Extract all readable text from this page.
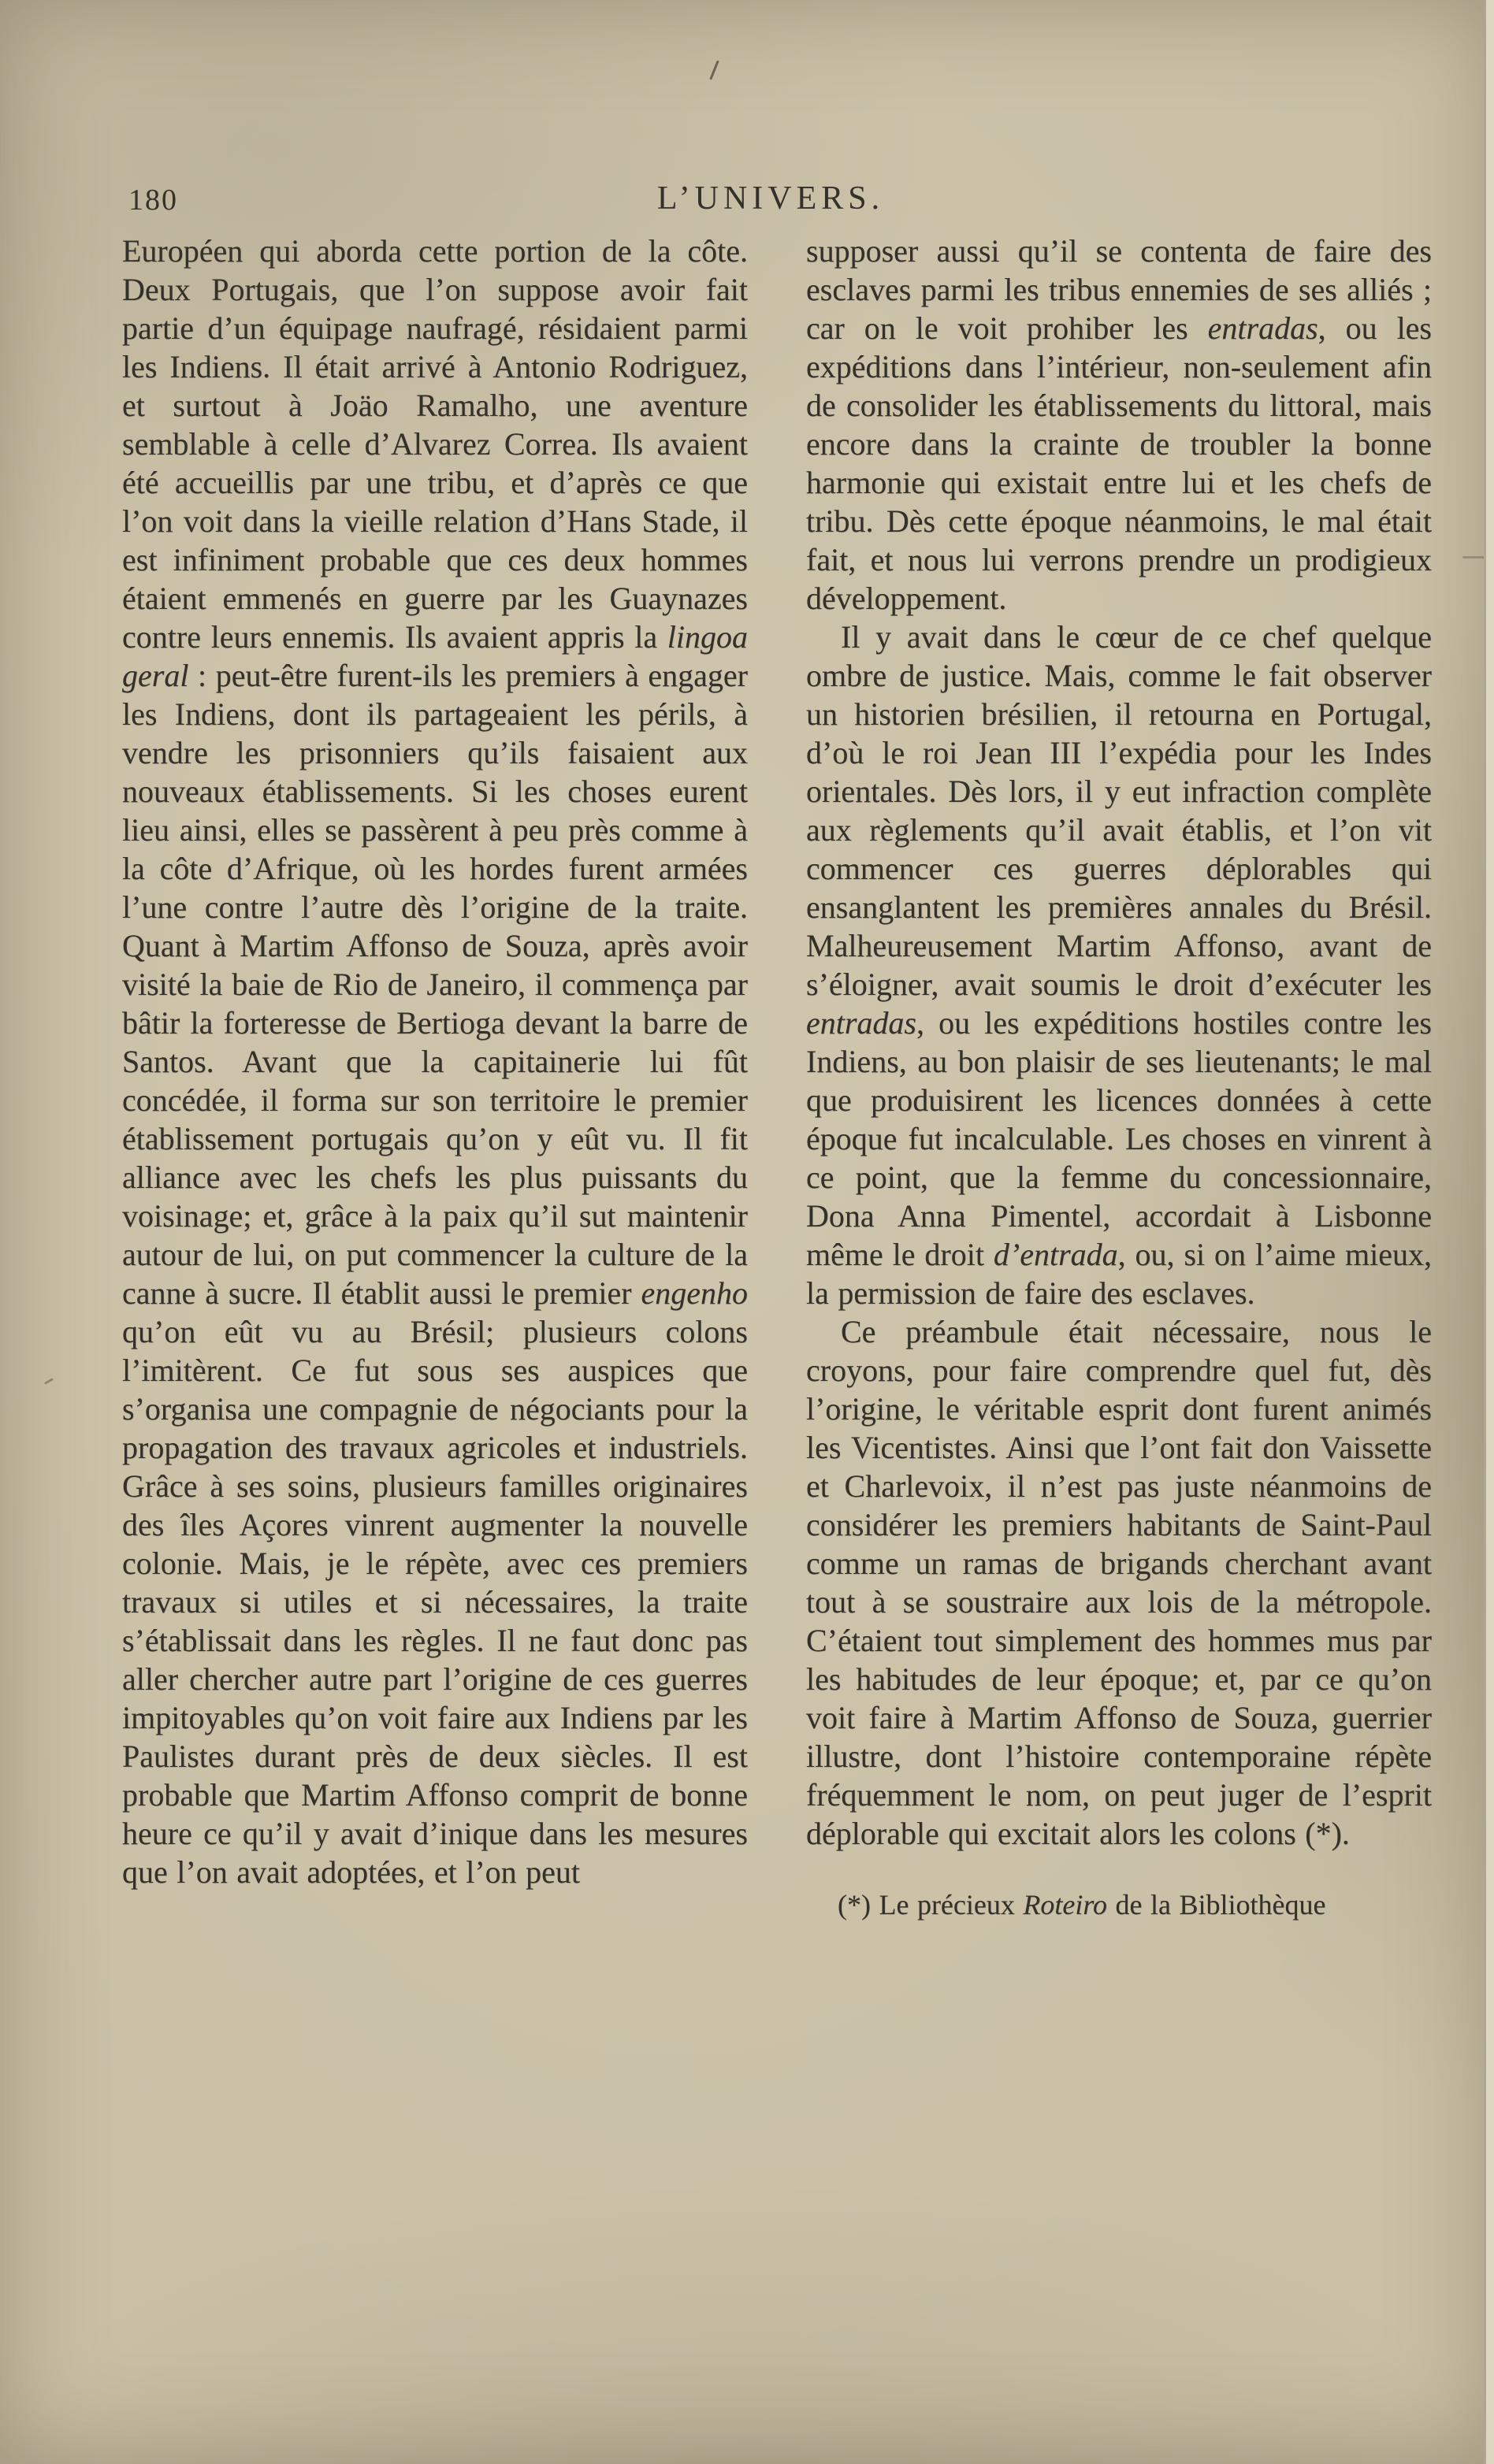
180	L’UNIVERS.

Européen qui aborda cette portion de la côte. Deux Portugais, que l’on suppose avoir fait partie d’un équipage naufragé, résidaient parmi les Indiens. Il était arrivé à Antonio Rodriguez, et surtout à Joäo Ramalho, une aventure semblable à celle d’Alvarez Correa. Ils avaient été accueillis par une tribu, et d’après ce que l’on voit dans la vieille relation d’Hans Stade, il est infiniment probable que ces deux hommes étaient emmenés en guerre par les Guaynazes contre leurs ennemis. Ils avaient appris la lingoa geral : peut-être furent-ils les premiers à engager les Indiens, dont ils partageaient les périls, à vendre les prisonniers qu’ils faisaient aux nouveaux établissements. Si les choses eurent lieu ainsi, elles se passèrent à peu près comme à la côte d’Afrique, où les hordes furent armées l’une contre l’autre dès l’origine de la traite. Quant à Martim Affonso de Souza, après avoir visité la baie de Rio de Janeiro, il commença par bâtir la forteresse de Bertioga devant la barre de Santos. Avant que la capitainerie lui fût concédée, il forma sur son territoire le premier établissement portugais qu’on y eût vu. Il fit alliance avec les chefs les plus puissants du voisinage; et, grâce à la paix qu’il sut maintenir autour de lui, on put commencer la culture de la canne à sucre. Il établit aussi le premier engenho qu’on eût vu au Brésil; plusieurs colons l’imitèrent. Ce fut sous ses auspices que s’organisa une compagnie de négociants pour la propagation des travaux agricoles et industriels. Grâce à ses soins, plusieurs familles originaires des îles Açores vinrent augmenter la nouvelle colonie. Mais, je le répète, avec ces premiers travaux si utiles et si nécessaires, la traite s’établissait dans les règles. Il ne faut donc pas aller chercher autre part l’origine de ces guerres impitoyables qu’on voit faire aux Indiens par les Paulistes durant près de deux siècles. Il est probable que Martim Affonso comprit de bonne heure ce qu’il y avait d’inique dans les mesures que l’on avait adoptées, et l’on peut

supposer aussi qu’il se contenta de faire des esclaves parmi les tribus ennemies de ses alliés ; car on le voit prohiber les entradas, ou les expéditions dans l’intérieur, non-seulement afin de consolider les établissements du littoral, mais encore dans la crainte de troubler la bonne harmonie qui existait entre lui et les chefs de tribu. Dès cette époque néanmoins, le mal était fait, et nous lui verrons prendre un prodigieux développement.

Il y avait dans le cœur de ce chef quelque ombre de justice. Mais, comme le fait observer un historien brésilien, il retourna en Portugal, d’où le roi Jean III l’expédia pour les Indes orientales. Dès lors, il y eut infraction complète aux règlements qu’il avait établis, et l’on vit commencer ces guerres déplorables qui ensanglantent les premières annales du Brésil. Malheureusement Martim Affonso, avant de s’éloigner, avait soumis le droit d’exécuter les entradas, ou les expéditions hostiles contre les Indiens, au bon plaisir de ses lieutenants; le mal que produisirent les licences données à cette époque fut incalculable. Les choses en vinrent à ce point, que la femme du concessionnaire, Dona Anna Pimentel, accordait à Lisbonne même le droit d’entrada, ou, si on l’aime mieux, la permission de faire des esclaves.

Ce préambule était nécessaire, nous le croyons, pour faire comprendre quel fut, dès l’origine, le véritable esprit dont furent animés les Vicentistes. Ainsi que l’ont fait don Vaissette et Charlevoix, il n’est pas juste néanmoins de considérer les premiers habitants de Saint-Paul comme un ramas de brigands cherchant avant tout à se soustraire aux lois de la métropole. C’étaient tout simplement des hommes mus par les habitudes de leur époque; et, par ce qu’on voit faire à Martim Affonso de Souza, guerrier illustre, dont l’histoire contemporaine répète fréquemment le nom, on peut juger de l’esprit déplorable qui excitait alors les colons (*).

(*) Le précieux Roteiro de la Bibliothèque
